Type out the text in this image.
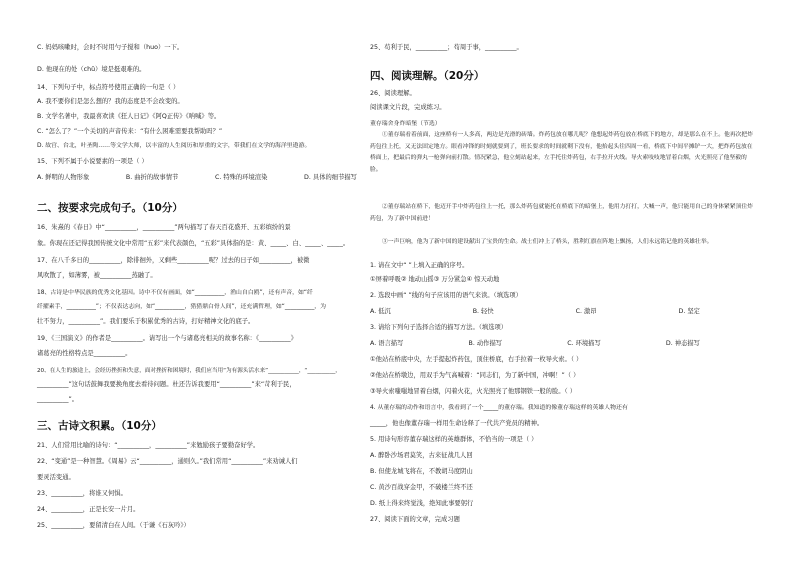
C. 妈妈咳嗽时，会时不时用勺子搅和（huo）一下。
D. 他现在的处（chǔ）境是挺艰难的。
14、下列句子中，标点符号使用正确的一句是（ ）
A. 我不要你们是怎么想的？我的态度是不会改变的。
B. 文学名著中，我最喜欢读《狂人日记》《阿Q正传》《呐喊》等。
C. “怎么了？”一个关切的声音传来：“有什么困难需要我帮助吗？”
D. 故宫、台北，叶圣陶……等文学大师，以丰富的人生阅历和厚重的文字，带我们在文学的海洋里遨游。
15、下列不属于小说要素的一项是（ ）
A. 鲜明的人物形象	B. 曲折的故事情节	C. 特殊的环境渲染	D. 具体的细节描写
二、按要求完成句子。（10分）
16、朱熹的《春日》中“__________，__________”两句描写了春天百花盛开、五彩缤纷的景
象。你现在还记得我国传统文化中常用“五彩”来代表颜色，“五彩”具体指的是：黄、_____、白、_____、_____。
17、在八千多日的__________，除徘徊外，又剩些__________呢？过去的日子如__________，被微
风吹散了，如薄雾，被__________蒸融了。
18、古诗是中华民族的优秀文化基因。诗中不仅有画面，如“__________，渔山自白鸥”，还有声音，如“纤
纤擢素手，__________”；不仅表达志向，如“__________，猎猎鼎白骨人间”，还充满哲理，如“__________，为
壮不努力，__________”。我们要乐于积累优秀的古诗，打好精神文化的底子。
19、《三国演义》的作者是__________。请写出一个与诸葛亮相关的故事名称：《__________》
诸葛亮的性格特点是__________。
20、在人生的旅途上，会经历挫折和失意，面对挫折和困境时，我们应当用“为有源头活水来”___________，“__________，
__________”这句话鼓舞我要换角度去看待问题。杜还告诉我要用“__________”来“苛利于民，
__________”。
三、古诗文积累。（10分）
21、人们常用比喻的诗句：“__________，__________”来勉励孩子要勤奋好学。
22、“变通”是一种智慧。《周易》云“__________，通则久。”我们常用“__________”来劝诫人们
要灵活变通。
23、__________，将谁又何惧。
24、__________，正是长安一片月。
25、__________，要留清白在人间。（于谦《石灰吟》）
25、苟利于民，__________；苟周于事，__________。
四、阅读理解。（20分）
26、阅读理解。
阅读课文片段，完成练习。
董存瑞舍身炸暗堡（节选）
①董存瑞看着前面，这座桥有一人多高，两边是光滑的砖墙。炸药包放在哪儿呢？他想起炸药包放在桥底下的地方，却是那么在不上。他再次把炸药包往上托，又无法固定地方。眼看冲锋的时刻就要到了，班长要求的时间就剩下没有，他抬起头往四周一看，桥底下中间平摊铲一大，把炸药包放在桥面上，把最后的弹丸一枪弹向前打散。情况紧急，他立刻站起来，左手托住炸药包，右手拉开火线。导火索吱吱地冒着白烟，火光照亮了他坚毅的脸。
②董存瑞站在桥下，他迈开手中炸药包往上一托，那么炸药包就能托在桥底下的暗堡上，他用力打打，大喊一声，他只能用自己的身体紧紧顶住炸药包，为了新中国前进！
③一声巨响，他为了新中国的建设献出了宝贵的生命。战士们冲上了桥头，胜利红旗在阵地上飘扬，人们永远铭记他的英雄壮举。
1. 请在文中“ ”上填入正确的序号。
①屏着呼吸② 地动山摇③ 万分紧急④ 惊天动地
2. 选段中画“ ”线的句子应该用的语气来读。（填选项）
A. 低沉	B. 轻快	C. 激昂	D. 坚定
3. 请给下列句子选择合适的描写方法。（填选项）
A. 语言描写	B. 动作描写	C. 环境描写	D. 神态描写
①他站在桥底中央，左手提起炸药包，顶住桥底，右手拉着一枚导火索。（ ）
②他站在桥墩边，用双手为气高喊着：“同志们，为了新中国，冲啊！”（ ）
③导火索嗤嗤地冒着白烟，闪着火花，火光照亮了他那钢铁一般的脸。（ ）
4. 从董存瑞的动作和语言中，我看到了一个_____的董存瑞。我知道的像董存瑞这样的英雄人物还有
_____，他也像董存瑞一样用生命诠释了一代共产党员的精神。
5. 用诗句形容董存瑞这样的英雄群体，不恰当的一项是（ ）
A. 醉卧沙场君莫笑，古来征战几人回
B. 但使龙城飞将在，不教胡马度阴山
C. 黄沙百战穿金甲，不破楼兰终不还
D. 纸上得来终觉浅，绝知此事要躬行
27、阅读下面的文章，完成习题
